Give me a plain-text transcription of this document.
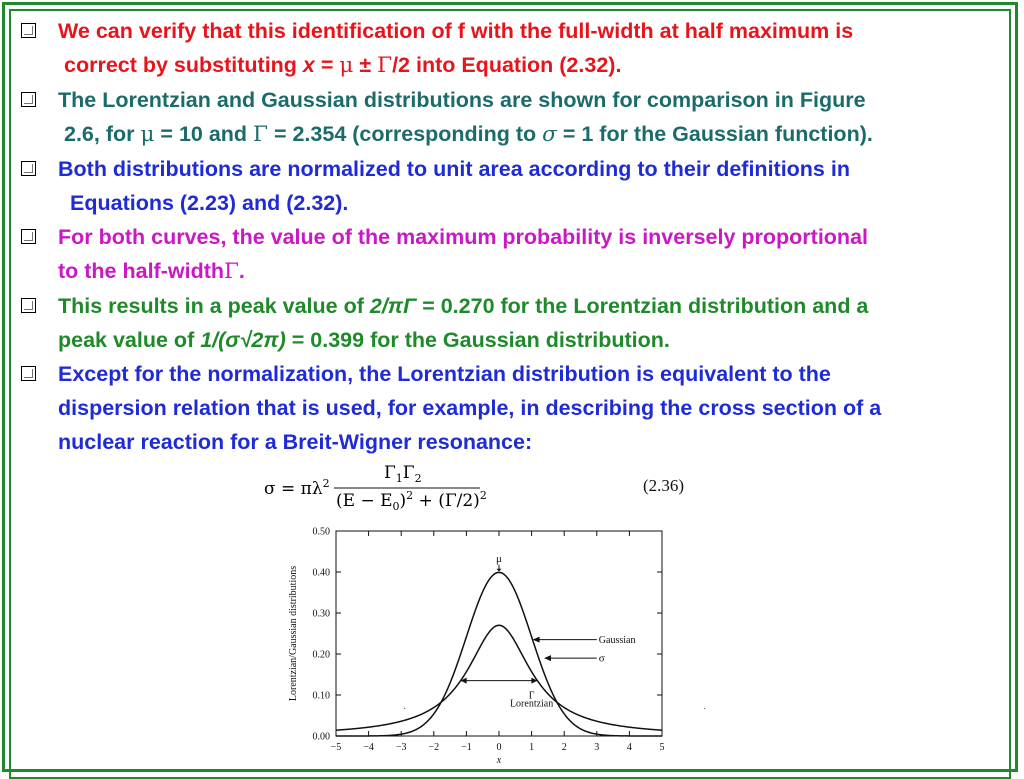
We can verify that this identification of f with the full-width at half maximum is
correct by substituting x = μ ± Γ/2 into Equation (2.32).
The Lorentzian and Gaussian distributions are shown for comparison in Figure
2.6, for μ = 10 and Γ = 2.354 (corresponding to σ = 1 for the Gaussian function).
Both distributions are normalized to unit area according to their definitions in
Equations (2.23) and (2.32).
For both curves, the value of the maximum probability is inversely proportional
to the half-widthΓ.
This results in a peak value of 2/πΓ = 0.270 for the Lorentzian distribution and a
peak value of 1/(σ√2π) = 0.399 for the Gaussian distribution.
Except for the normalization, the Lorentzian distribution is equivalent to the
dispersion relation that is used, for example, in describing the cross section of a
nuclear reaction for a Breit-Wigner resonance:
$\sigma = \pi\lambda^2$
$\Gamma_1\Gamma_2$
$(E - E_0)^2 + (\Gamma/2)^2$
(2.36)
−5 −4 −3 −2 −1 0	1	2	3	4	5
0.00
0.10
0.20
0.30
0.40
0.50
x
Lorentzian/Gaussian distributions
μ
Gaussian
σ
Γ
Lorentzian
·	·
